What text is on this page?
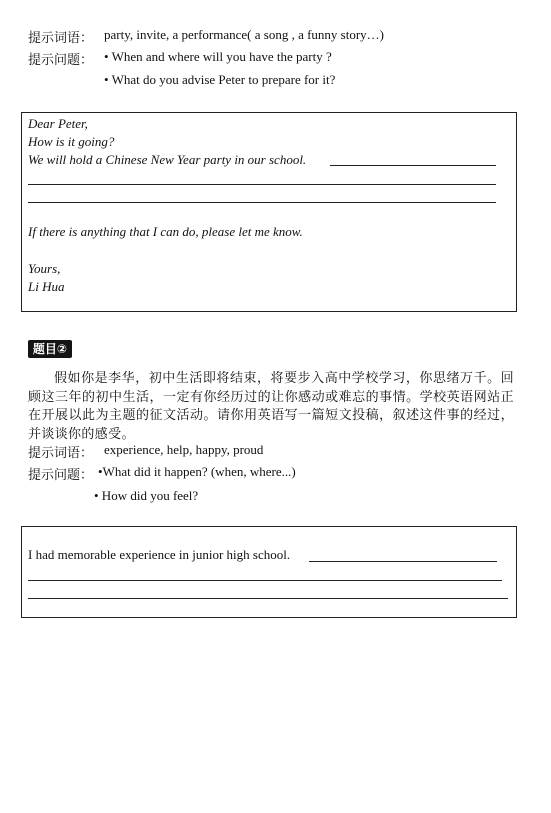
提示词语： party, invite, a performance( a song , a funny story…)
提示问题： • When and where will you have the party ?
• What do you advise Peter to prepare for it?
Dear Peter,
How is it going?
We will hold a Chinese New Year party in our school.
If there is anything that I can do, please let me know.
Yours,
Li Hua
题目②
假如你是李华，初中生活即将结束，将要步入高中学校学习，你思绪万千。回顾这三年的初中生活，一定有你经历过的让你感动或难忘的事情。学校英语网站正在开展以此为主题的征文活动。请你用英语写一篇短文投稿，叙述这件事的经过，并谈谈你的感受。
提示词语： experience, help, happy, proud
提示问题： •What did it happen? (when, where...)
• How did you feel?
I had memorable experience in junior high school.
